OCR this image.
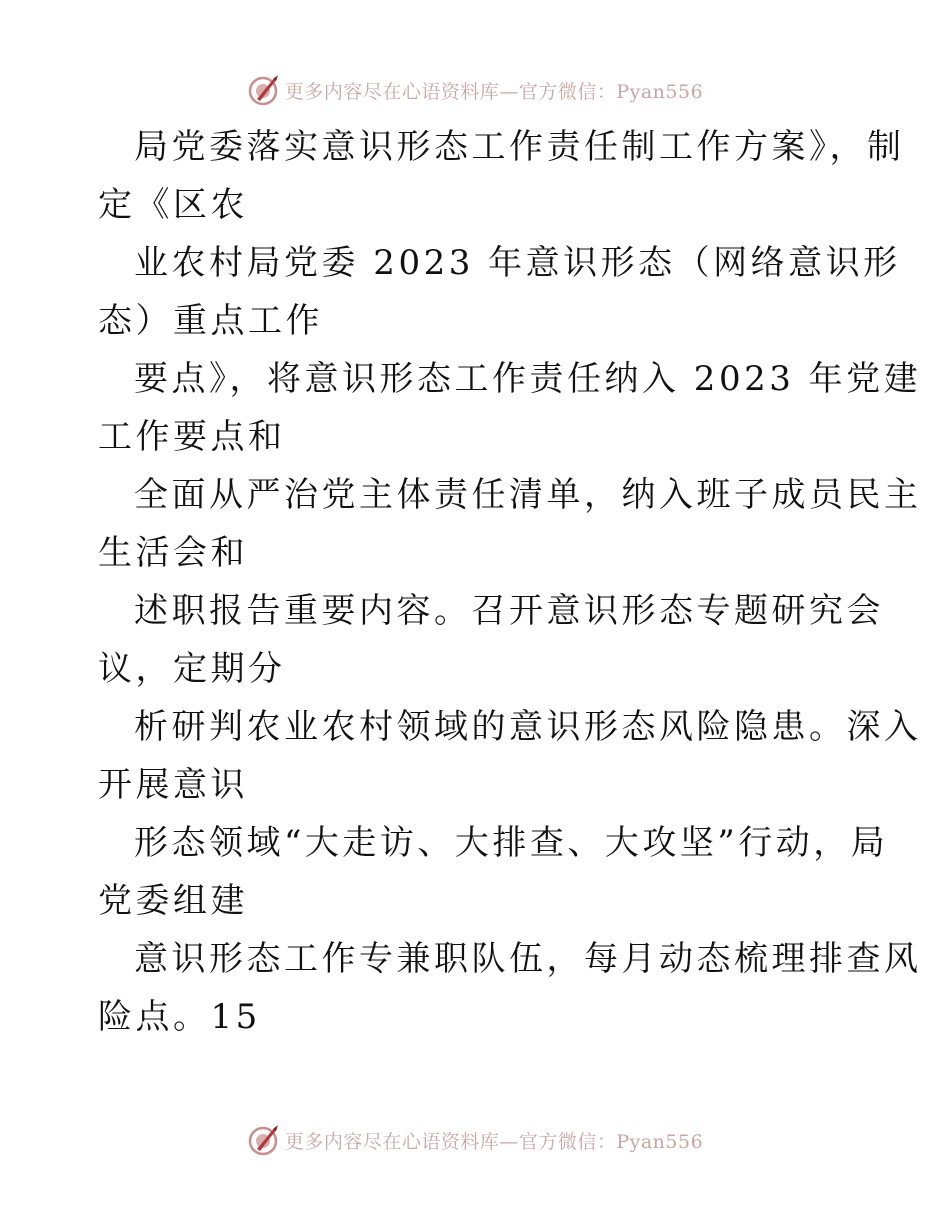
更多内容尽在心语资料库—官方微信：Pyan556
局党委落实意识形态工作责任制工作方案》，制
定《区农
业农村局党委 2023 年意识形态（网络意识形
态）重点工作
要点》，将意识形态工作责任纳入 2023 年党建
工作要点和
全面从严治党主体责任清单，纳入班子成员民主
生活会和
述职报告重要内容。召开意识形态专题研究会
议，定期分
析研判农业农村领域的意识形态风险隐患。深入
开展意识
形态领域“大走访、大排查、大攻坚”行动，局
党委组建
意识形态工作专兼职队伍，每月动态梳理排查风
险点。15
更多内容尽在心语资料库—官方微信：Pyan556
